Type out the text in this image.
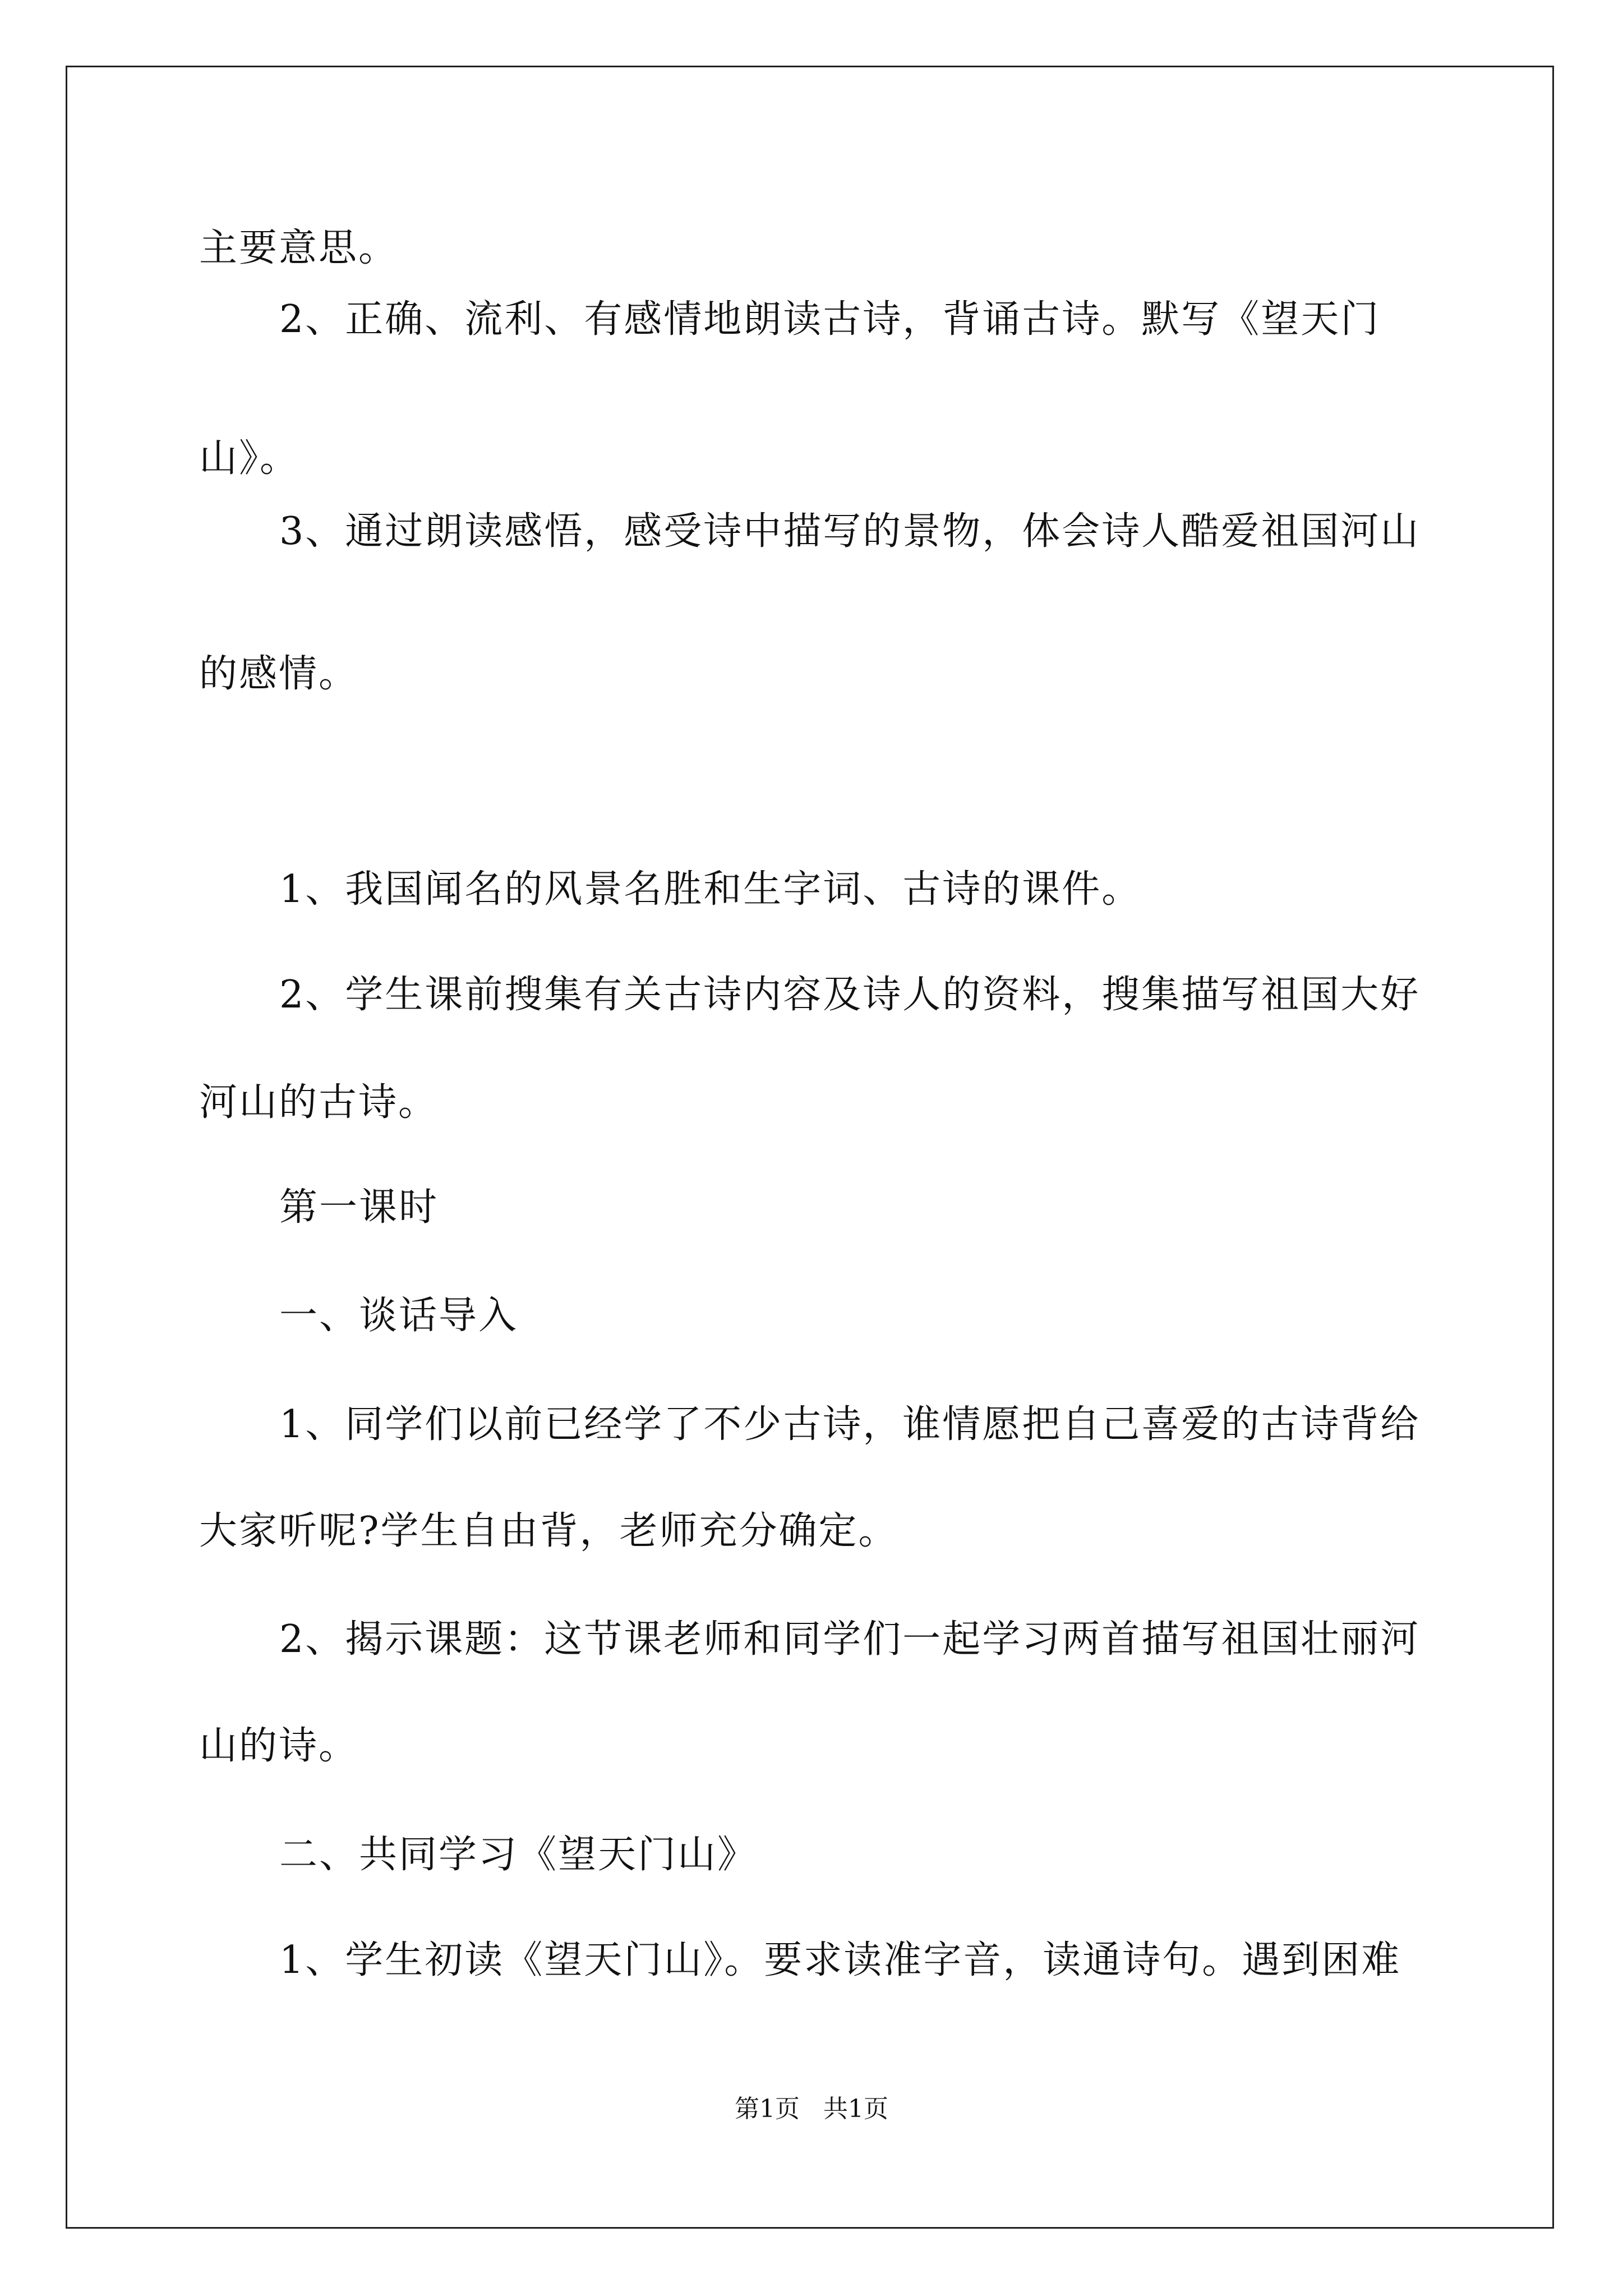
主要意思。
2、正确、流利、有感情地朗读古诗，背诵古诗。默写《望天门
山》。
3、通过朗读感悟，感受诗中描写的景物，体会诗人酷爱祖国河山
的感情。
1、我国闻名的风景名胜和生字词、古诗的课件。
2、学生课前搜集有关古诗内容及诗人的资料，搜集描写祖国大好
河山的古诗。
第一课时
一、谈话导入
1、同学们以前已经学了不少古诗，谁情愿把自己喜爱的古诗背给
大家听呢?学生自由背，老师充分确定。
2、揭示课题：这节课老师和同学们一起学习两首描写祖国壮丽河
山的诗。
二、共同学习《望天门山》
1、学生初读《望天门山》。要求读准字音，读通诗句。遇到困难
第1页   共1页
